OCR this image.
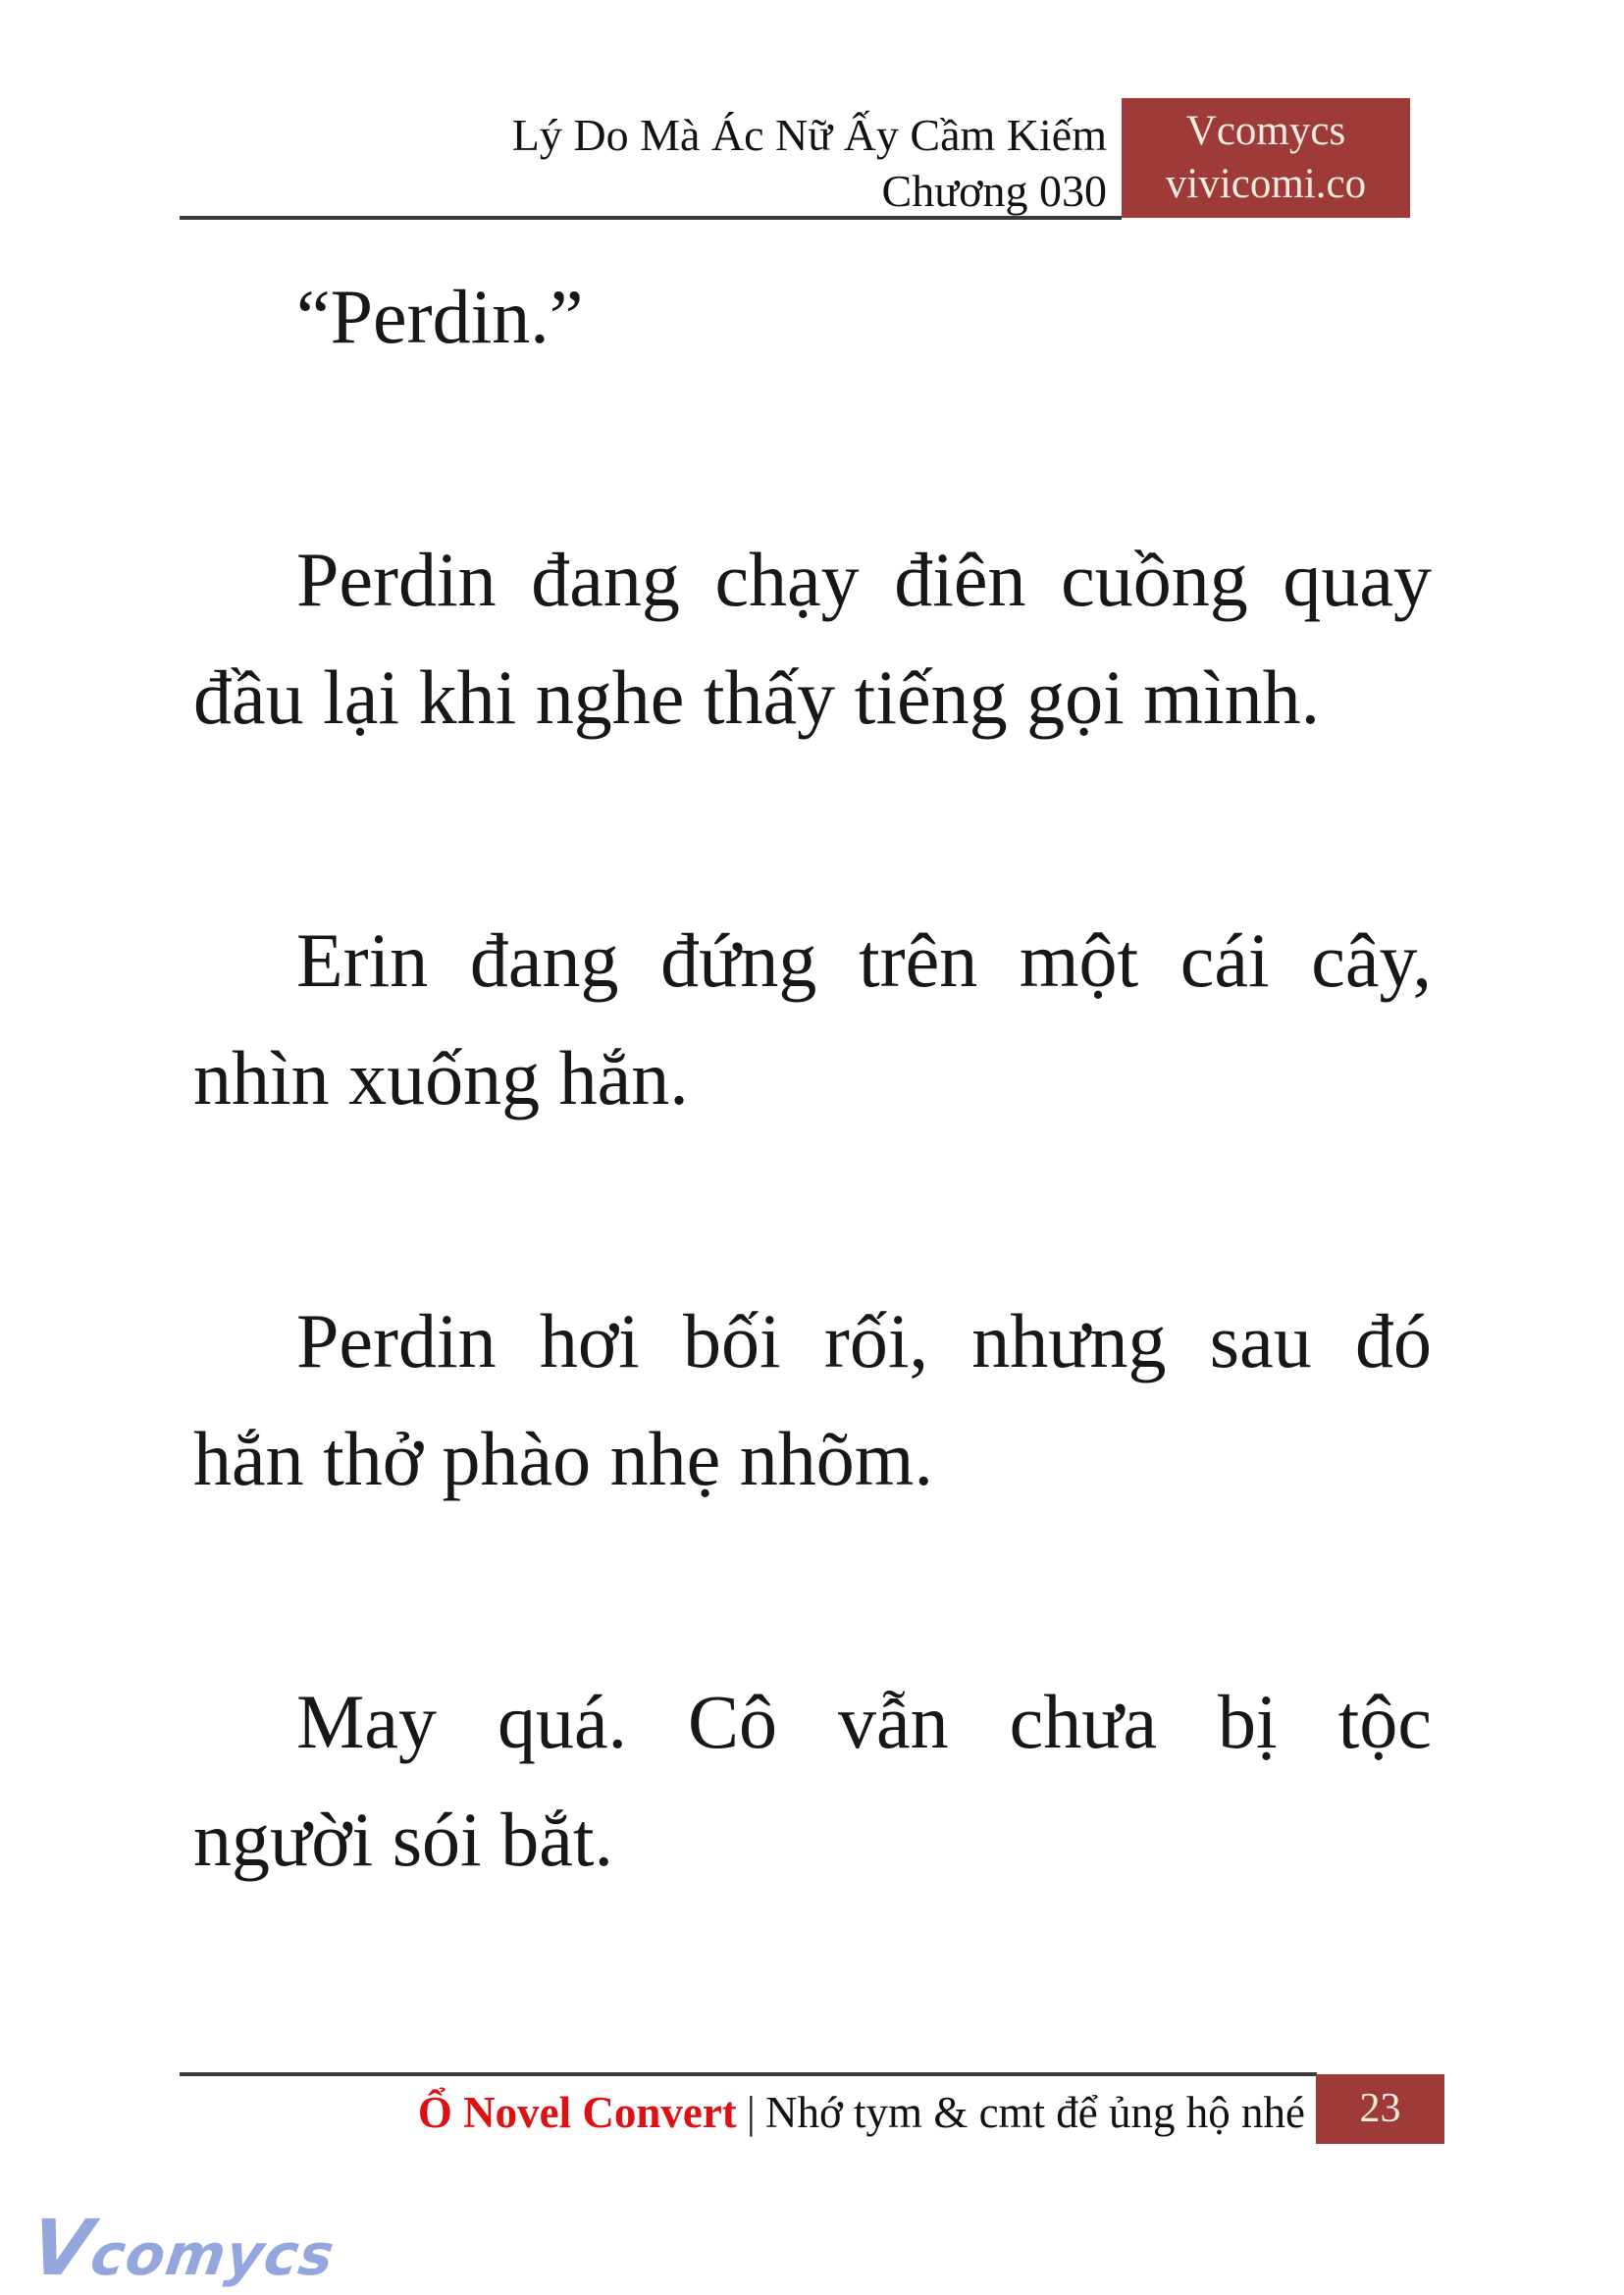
Lý Do Mà Ác Nữ Ấy Cầm Kiếm
Chương 030
Vcomycs
vivicomi.co
“Perdin.”
Perdin đang chạy điên cuồng quay
đầu lại khi nghe thấy tiếng gọi mình.
Erin đang đứng trên một cái cây,
nhìn xuống hắn.
Perdin hơi bối rối, nhưng sau đó
hắn thở phào nhẹ nhõm.
May quá. Cô vẫn chưa bị tộc
người sói bắt.
Ổ Novel Convert | Nhớ tym & cmt để ủng hộ nhé	23
Vcomycs
